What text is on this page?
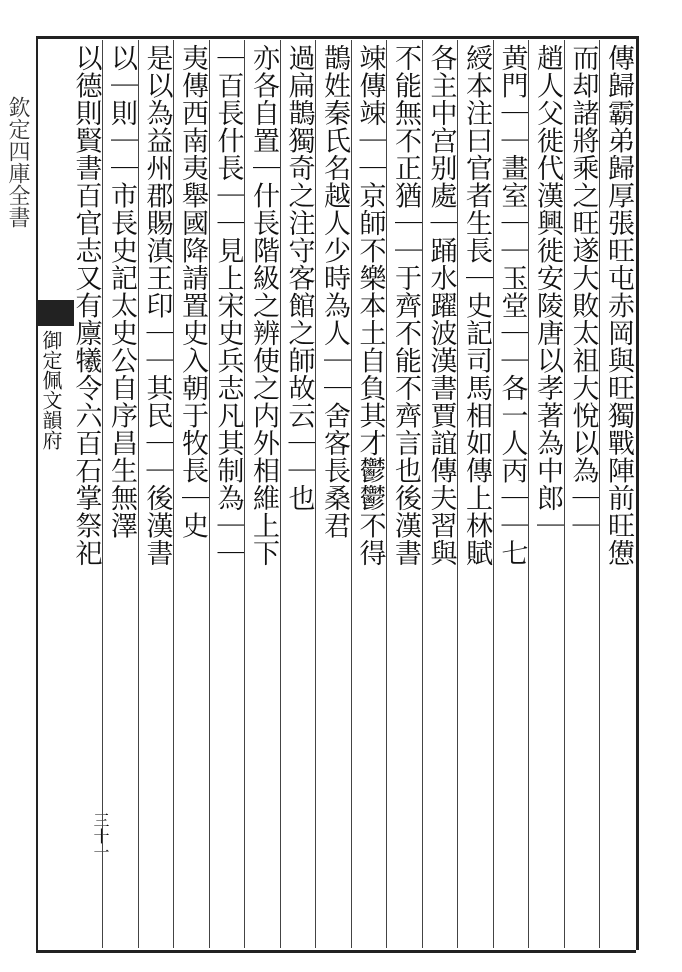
欽定四庫全書
御定佩文韻府
三十一
傳歸霸弟歸厚張旺屯赤岡與旺獨戰陣前旺憊
而却諸將乘之旺遂大敗太祖大悅以為｜｜
趙人父徙代漢興徙安陵唐以孝著為中郎｜
黄門｜｜畫室｜｜玉堂｜｜各一人丙｜｜七
綬本注曰官者生長｜史記司馬相如傳上林賦
各主中宫别處｜踊水躍波漢書賈誼傳夫習與
不能無不正猶｜｜于齊不能不齊言也後漢書
竦傳竦｜｜京師不樂本土自負其才鬱鬱不得
鵲姓秦氏名越人少時為人｜｜舍客長桑君
過扁鵲獨奇之注守客館之師故云｜｜也
亦各自置｜什長階級之辨使之内外相維上下
｜百長什長｜｜見上宋史兵志凡其制為｜｜
夷傳西南夷舉國降請置史入朝于牧長｜史
是以為益州郡賜滇王印｜｜其民｜｜後漢書
以｜則｜｜市長史記太史公自序昌生無澤
以德則賢書百官志又有廪犧令六百石掌祭祀
